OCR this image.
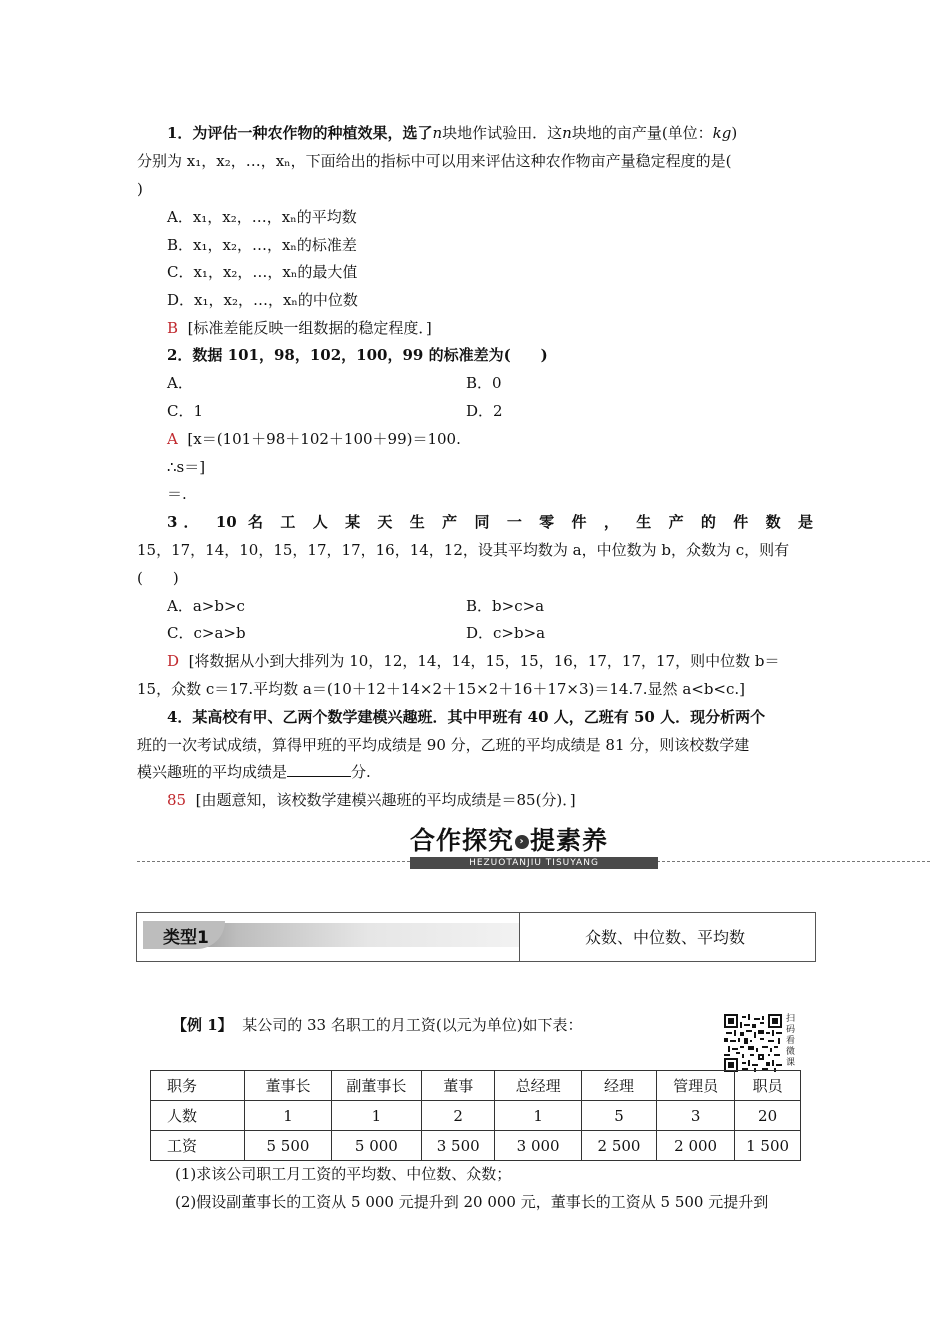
1．为评估一种农作物的种植效果，选了n块地作试验田．这n块地的亩产量(单位：kg)
分别为 x₁，x₂，…，xₙ，下面给出的指标中可以用来评估这种农作物亩产量稳定程度的是(
)
A．x₁，x₂，…，xₙ的平均数
B．x₁，x₂，…，xₙ的标准差
C．x₁，x₂，…，xₙ的最大值
D．x₁，x₂，…，xₙ的中位数
B [标准差能反映一组数据的稳定程度．]
2．数据 101，98，102，100，99 的标准差为(　　)
A．	B．0
C．1	D．2
A [x＝(101＋98＋102＋100＋99)＝100.
∴s＝]
＝.
3． 10 名 工 人 某 天 生 产 同 一 零 件 ， 生 产 的 件 数 是
15，17，14，10，15，17，17，16，14，12，设其平均数为 a，中位数为 b，众数为 c，则有
(　　)
A．a>b>c	B．b>c>a
C．c>a>b	D．c>b>a
D [将数据从小到大排列为 10，12，14，14，15，15，16，17，17，17，则中位数 b＝
15，众数 c＝17.平均数 a＝(10＋12＋14×2＋15×2＋16＋17×3)＝14.7.显然 a<b<c.]
4．某高校有甲、乙两个数学建模兴趣班．其中甲班有 40 人，乙班有 50 人．现分析两个
班的一次考试成绩，算得甲班的平均成绩是 90 分，乙班的平均成绩是 81 分，则该校数学建
模兴趣班的平均成绩是	分.
85 [由题意知，该校数学建模兴趣班的平均成绩是＝85(分)．]
合作探究 › 提素养
HEZUOTANJIU TISUYANG
类型1	众数、中位数、平均数
【例 1】 某公司的 33 名职工的月工资(以元为单位)如下表：	扫码看微课
职务	董事长	副董事长	董事	总经理	经理	管理员	职员
人数	1	1	2	1	5	3	20
工资	5 500	5 000	3 500	3 000	2 500	2 000	1 500
(1)求该公司职工月工资的平均数、中位数、众数；
(2)假设副董事长的工资从 5 000 元提升到 20 000 元，董事长的工资从 5 500 元提升到
